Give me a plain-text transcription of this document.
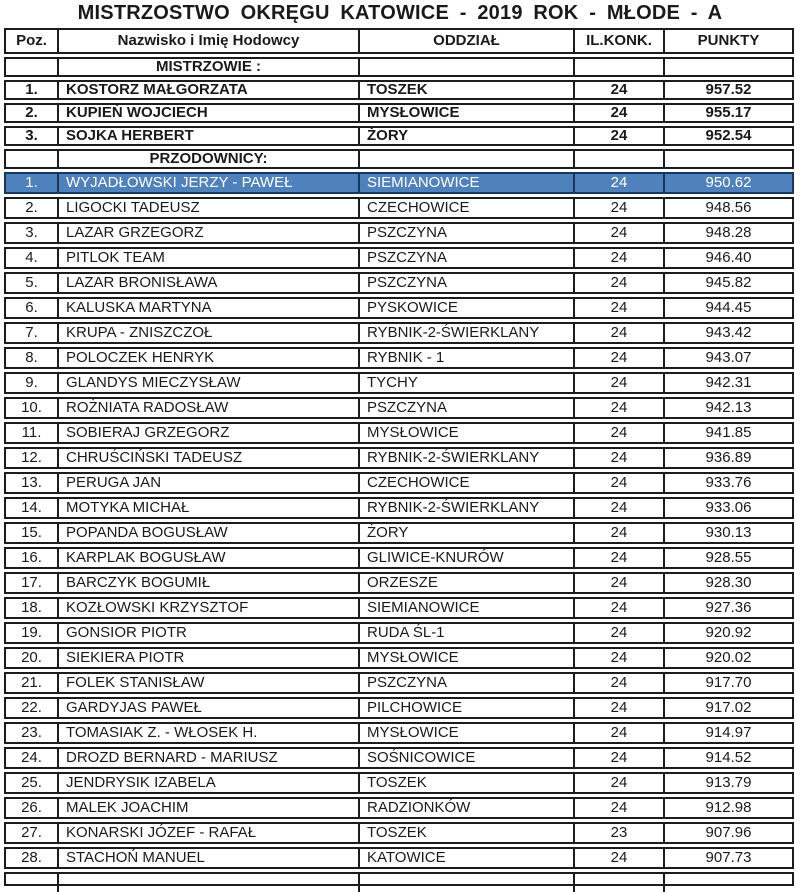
MISTRZOSTWO OKRĘGU KATOWICE - 2019 ROK - MŁODE - A
Poz.	Nazwisko i Imię Hodowcy	ODDZIAŁ	IL.KONK.	PUNKTY
MISTRZOWIE :
1.	KOSTORZ MAŁGORZATA	TOSZEK	24	957.52
2.	KUPIEŃ WOJCIECH	MYSŁOWICE	24	955.17
3.	SOJKA HERBERT	ŻORY	24	952.54
PRZODOWNICY:
1.	WYJADŁOWSKI JERZY - PAWEŁ	SIEMIANOWICE	24	950.62
2.	LIGOCKI TADEUSZ	CZECHOWICE	24	948.56
3.	LAZAR GRZEGORZ	PSZCZYNA	24	948.28
4.	PITLOK TEAM	PSZCZYNA	24	946.40
5.	LAZAR BRONISŁAWA	PSZCZYNA	24	945.82
6.	KALUSKA MARTYNA	PYSKOWICE	24	944.45
7.	KRUPA - ZNISZCZOŁ	RYBNIK-2-ŚWIERKLANY	24	943.42
8.	POLOCZEK HENRYK	RYBNIK - 1	24	943.07
9.	GLANDYS MIECZYSŁAW	TYCHY	24	942.31
10.	ROŻNIATA RADOSŁAW	PSZCZYNA	24	942.13
11.	SOBIERAJ GRZEGORZ	MYSŁOWICE	24	941.85
12.	CHRUŚCIŃSKI TADEUSZ	RYBNIK-2-ŚWIERKLANY	24	936.89
13.	PERUGA JAN	CZECHOWICE	24	933.76
14.	MOTYKA MICHAŁ	RYBNIK-2-ŚWIERKLANY	24	933.06
15.	POPANDA BOGUSŁAW	ŻORY	24	930.13
16.	KARPLAK BOGUSŁAW	GLIWICE-KNURÓW	24	928.55
17.	BARCZYK BOGUMIŁ	ORZESZE	24	928.30
18.	KOZŁOWSKI KRZYSZTOF	SIEMIANOWICE	24	927.36
19.	GONSIOR PIOTR	RUDA ŚL-1	24	920.92
20.	SIEKIERA PIOTR	MYSŁOWICE	24	920.02
21.	FOLEK STANISŁAW	PSZCZYNA	24	917.70
22.	GARDYJAS PAWEŁ	PILCHOWICE	24	917.02
23.	TOMASIAK Z. - WŁOSEK H.	MYSŁOWICE	24	914.97
24.	DROZD BERNARD - MARIUSZ	SOŚNICOWICE	24	914.52
25.	JENDRYSIK IZABELA	TOSZEK	24	913.79
26.	MALEK JOACHIM	RADZIONKÓW	24	912.98
27.	KONARSKI JÓZEF - RAFAŁ	TOSZEK	23	907.96
28.	STACHOŃ MANUEL	KATOWICE	24	907.73
